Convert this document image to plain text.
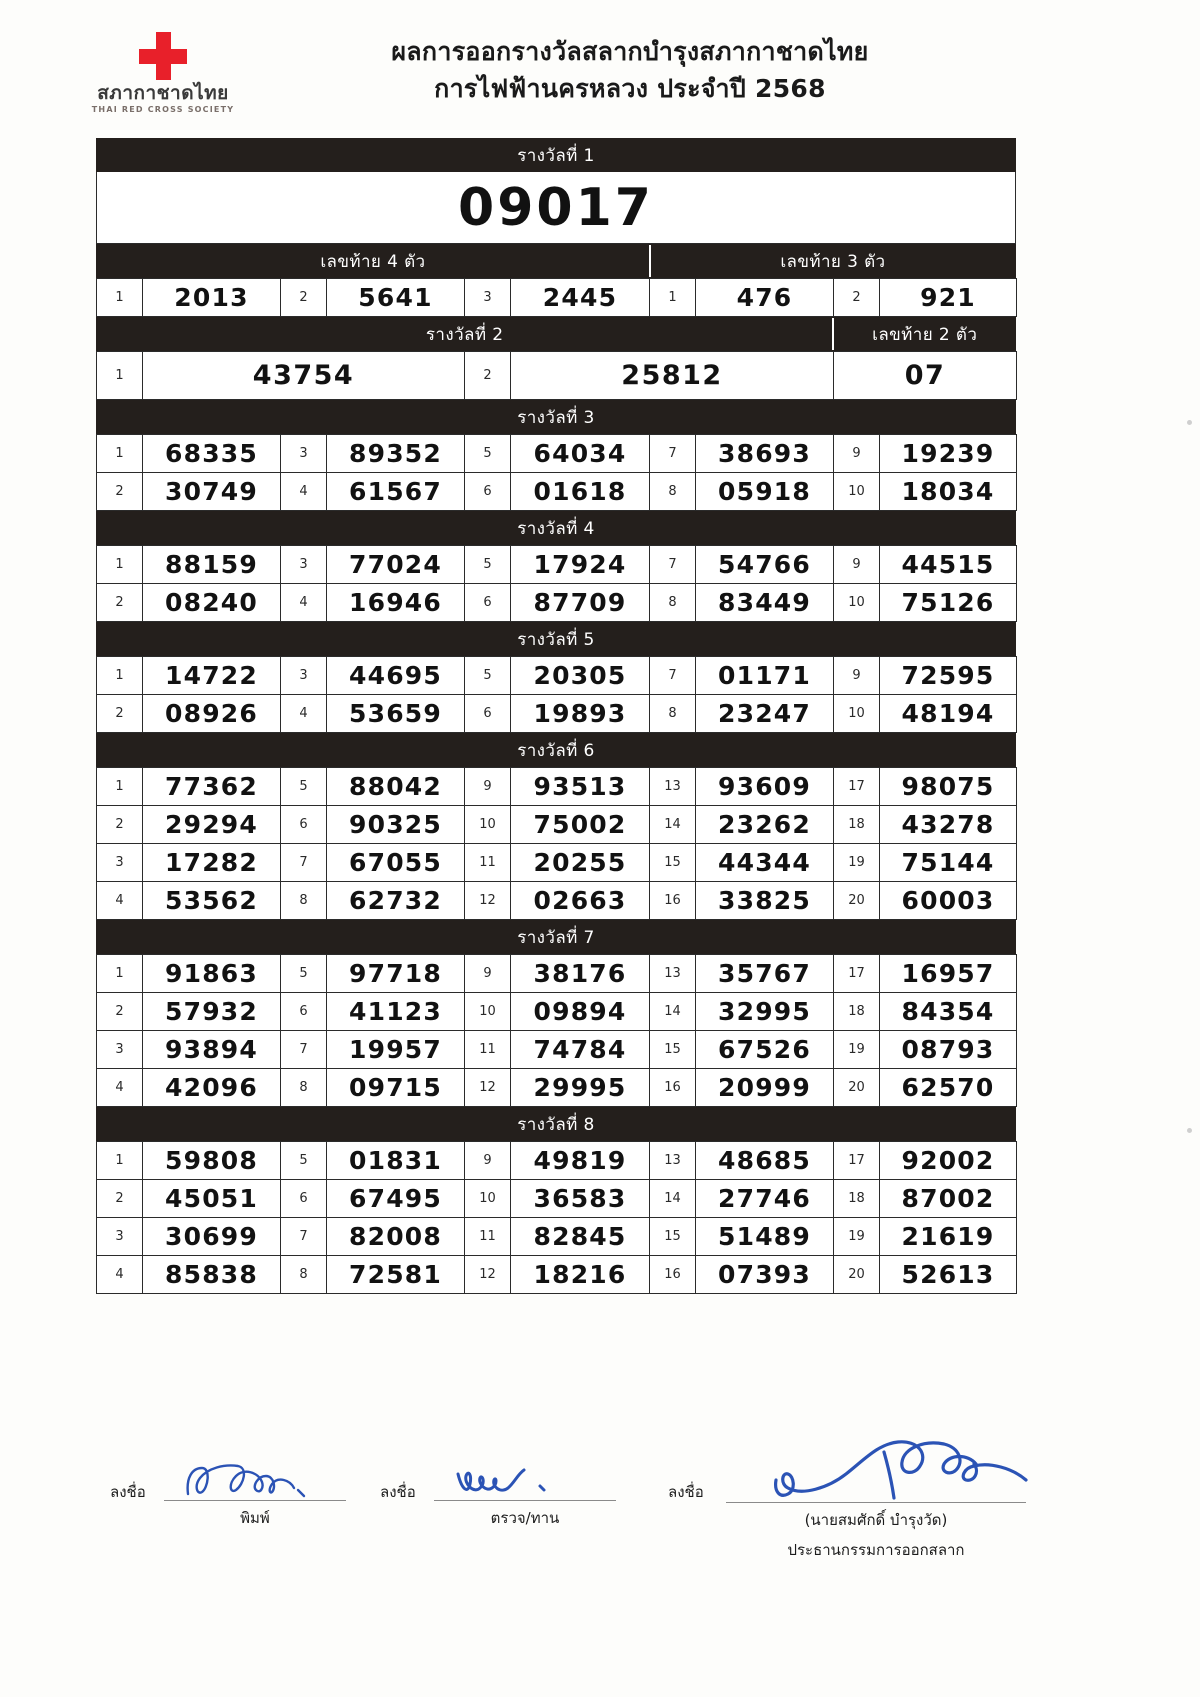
สภากาชาดไทย
THAI RED CROSS SOCIETY
ผลการออกรางวัลสลากบำรุงสภากาชาดไทย
การไฟฟ้านครหลวง ประจำปี 2568
รางวัลที่ 1
09017
เลขท้าย 4 ตัว	เลขท้าย 3 ตัว
1	2013	2	5641	3	2445	1	476	2	921
รางวัลที่ 2	เลขท้าย 2 ตัว
1	43754	2	25812	07
รางวัลที่ 3
1	68335	3	89352	5	64034	7	38693	9	19239
2	30749	4	61567	6	01618	8	05918	10	18034
รางวัลที่ 4
1	88159	3	77024	5	17924	7	54766	9	44515
2	08240	4	16946	6	87709	8	83449	10	75126
รางวัลที่ 5
1	14722	3	44695	5	20305	7	01171	9	72595
2	08926	4	53659	6	19893	8	23247	10	48194
รางวัลที่ 6
1	77362	5	88042	9	93513	13	93609	17	98075
2	29294	6	90325	10	75002	14	23262	18	43278
3	17282	7	67055	11	20255	15	44344	19	75144
4	53562	8	62732	12	02663	16	33825	20	60003
รางวัลที่ 7
1	91863	5	97718	9	38176	13	35767	17	16957
2	57932	6	41123	10	09894	14	32995	18	84354
3	93894	7	19957	11	74784	15	67526	19	08793
4	42096	8	09715	12	29995	16	20999	20	62570
รางวัลที่ 8
1	59808	5	01831	9	49819	13	48685	17	92002
2	45051	6	67495	10	36583	14	27746	18	87002
3	30699	7	82008	11	82845	15	51489	19	21619
4	85838	8	72581	12	18216	16	07393	20	52613
ลงชื่อ
พิมพ์
ลงชื่อ
ตรวจ/ทาน
ลงชื่อ
(นายสมศักดิ์ บำรุงวัด)
ประธานกรรมการออกสลาก
